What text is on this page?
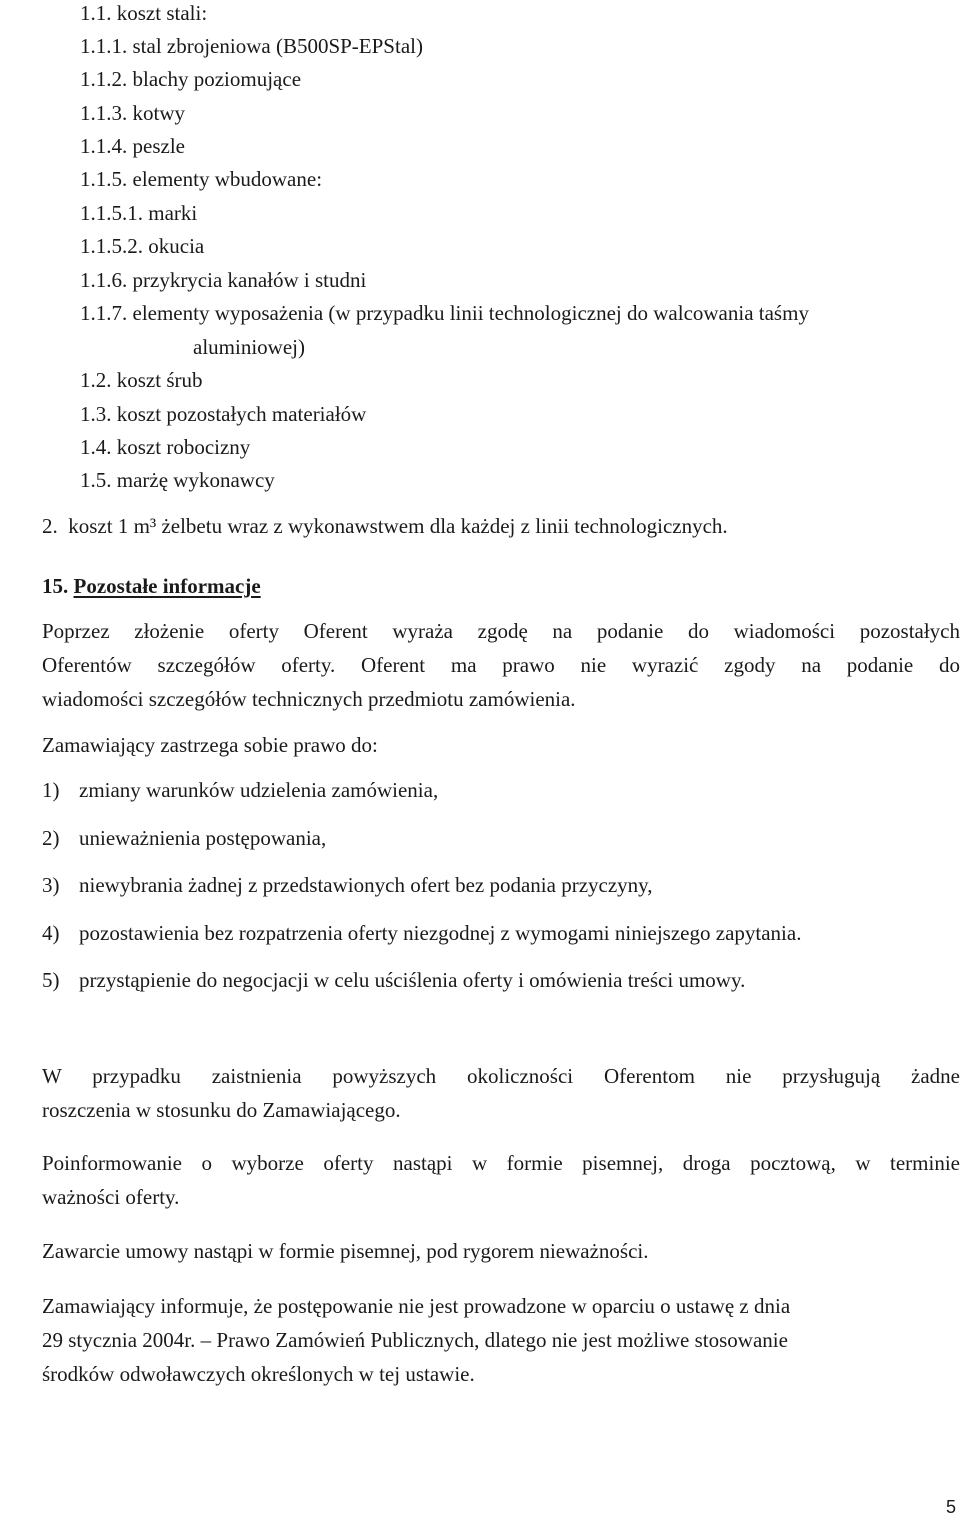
1.1. koszt stali:
1.1.1. stal zbrojeniowa (B500SP-EPStal)
1.1.2. blachy poziomujące
1.1.3. kotwy
1.1.4. peszle
1.1.5. elementy wbudowane:
1.1.5.1. marki
1.1.5.2. okucia
1.1.6. przykrycia kanałów i studni
1.1.7. elementy wyposażenia (w przypadku linii technologicznej do walcowania taśmy
aluminiowej)
1.2. koszt śrub
1.3. koszt pozostałych materiałów
1.4. koszt robocizny
1.5. marżę wykonawcy
2. koszt 1 m³ żelbetu wraz z wykonawstwem dla każdej z linii technologicznych.
15. Pozostałe informacje
Poprzez złożenie oferty Oferent wyraża zgodę na podanie do wiadomości pozostałych
Oferentów szczegółów oferty. Oferent ma prawo nie wyrazić zgody na podanie do
wiadomości szczegółów technicznych przedmiotu zamówienia.
Zamawiający zastrzega sobie prawo do:
1) zmiany warunków udzielenia zamówienia,
2) unieważnienia postępowania,
3) niewybrania żadnej z przedstawionych ofert bez podania przyczyny,
4) pozostawienia bez rozpatrzenia oferty niezgodnej z wymogami niniejszego zapytania.
5) przystąpienie do negocjacji w celu uściślenia oferty i omówienia treści umowy.
W przypadku zaistnienia powyższych okoliczności Oferentom nie przysługują żadne
roszczenia w stosunku do Zamawiającego.
Poinformowanie o wyborze oferty nastąpi w formie pisemnej, droga pocztową, w terminie
ważności oferty.
Zawarcie umowy nastąpi w formie pisemnej, pod rygorem nieważności.
Zamawiający informuje, że postępowanie nie jest prowadzone w oparciu o ustawę z dnia
29 stycznia 2004r. – Prawo Zamówień Publicznych, dlatego nie jest możliwe stosowanie
środków odwoławczych określonych w tej ustawie.
5
